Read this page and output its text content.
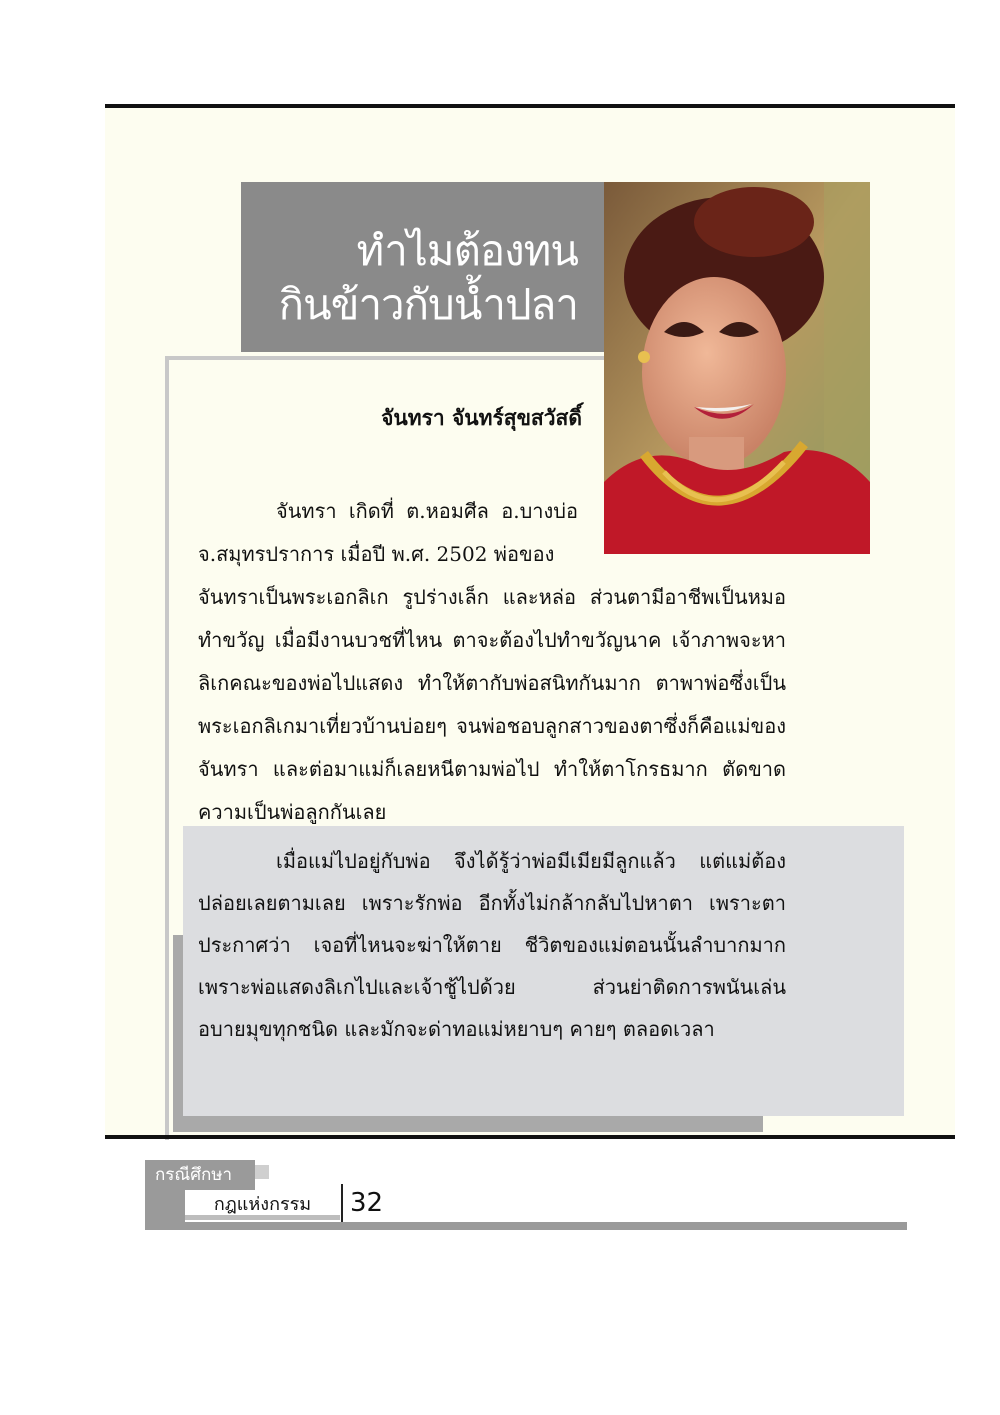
ทำไมต้องทน
กินข้าวกับน้ำปลา
จันทรา จันทร์สุขสวัสดิ์

จันทรา เกิดที่ ต.หอมศีล อ.บางบ่อ จ.สมุทรปราการ เมื่อปี พ.ศ. 2502 พ่อของ

จันทราเป็นพระเอกลิเก รูปร่างเล็ก และหล่อ ส่วนตามีอาชีพเป็นหมอทำขวัญ เมื่อมีงานบวชที่ไหน ตาจะต้องไปทำขวัญนาค เจ้าภาพจะหาลิเกคณะของพ่อไปแสดง ทำให้ตากับพ่อสนิทกันมาก ตาพาพ่อซึ่งเป็นพระเอกลิเกมาเที่ยวบ้านบ่อยๆ จนพ่อชอบลูกสาวของตาซึ่งก็คือแม่ของจันทรา และต่อมาแม่ก็เลยหนีตามพ่อไป ทำให้ตาโกรธมาก ตัดขาดความเป็นพ่อลูกกันเลย

เมื่อแม่ไปอยู่กับพ่อ จึงได้รู้ว่าพ่อมีเมียมีลูกแล้ว แต่แม่ต้องปล่อยเลยตามเลย เพราะรักพ่อ อีกทั้งไม่กล้ากลับไปหาตา เพราะตาประกาศว่า เจอที่ไหนจะฆ่าให้ตาย ชีวิตของแม่ตอนนั้นลำบากมาก เพราะพ่อแสดงลิเกไปและเจ้าชู้ไปด้วย ส่วนย่าติดการพนันเล่นอบายมุขทุกชนิด และมักจะด่าทอแม่หยาบๆ คายๆ ตลอดเวลา

กรณีศึกษา
กฎแห่งกรรม	32
